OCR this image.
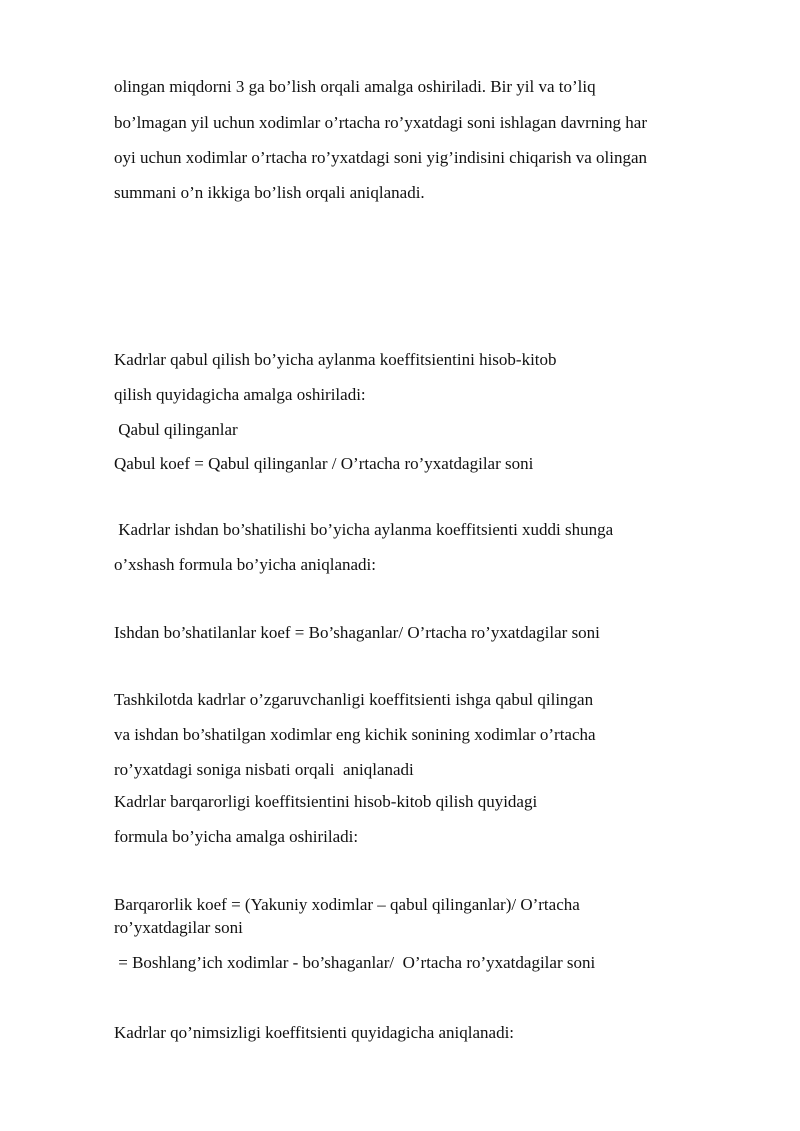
olingan miqdorni 3 ga bo’lish orqali amalga oshiriladi. Bir yil va to’liq

bo’lmagan yil uchun xodimlar o’rtacha ro’yxatdagi soni ishlagan davrning har

oyi uchun xodimlar o’rtacha ro’yxatdagi soni yig’indisini chiqarish va olingan

summani o’n ikkiga bo’lish orqali aniqlanadi.

Kadrlar qabul qilish bo’yicha aylanma koeffitsientini hisob-kitob

qilish quyidagicha amalga oshiriladi:

Qabul qilinganlar

Qabul koef = Qabul qilinganlar / O’rtacha ro’yxatdagilar soni

Kadrlar ishdan bo’shatilishi bo’yicha aylanma koeffitsienti xuddi shunga

o’xshash formula bo’yicha aniqlanadi:

Ishdan bo’shatilanlar koef = Bo’shaganlar/ O’rtacha ro’yxatdagilar soni

Tashkilotda kadrlar o’zgaruvchanligi koeffitsienti ishga qabul qilingan

va ishdan bo’shatilgan xodimlar eng kichik sonining xodimlar o’rtacha

ro’yxatdagi soniga nisbati orqali  aniqlanadi

Kadrlar barqarorligi koeffitsientini hisob-kitob qilish quyidagi

formula bo’yicha amalga oshiriladi:

Barqarorlik koef = (Yakuniy xodimlar – qabul qilinganlar)/ O’rtacha

ro’yxatdagilar soni

= Boshlang’ich xodimlar - bo’shaganlar/  O’rtacha ro’yxatdagilar soni

Kadrlar qo’nimsizligi koeffitsienti quyidagicha aniqlanadi:
